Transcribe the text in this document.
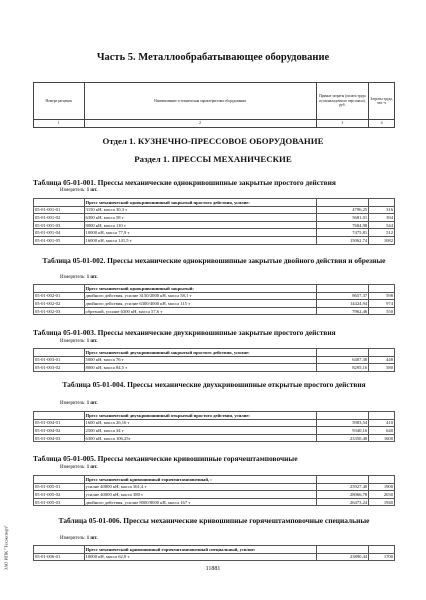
Часть 5. Металлообрабатывающее оборудование
Номера расценок	Наименование и техническая характеристика оборудования	Прямые затраты (оплата труда пусконаладочного персонала), руб.	Затраты труда, чел.-ч
1	2	3	4
Отдел 1. КУЗНЕЧНО-ПРЕССОВОЕ ОБОРУДОВАНИЕ
Раздел 1. ПРЕССЫ МЕХАНИЧЕСКИЕ
Таблица 05-01-001. Прессы механические однокривошипные закрытые простого действия
Измеритель: 1 шт.
	Пресс механический однокривошипный закрытый простого действия, усилие:		
05-01-001-01	3150 кН, масса 30,3 т	4796,25	316
05-01-001-02	6300 кН, масса 58 т	5681,01	394
05-01-001-03	8000 кН, масса 110 т	7684,98	544
05-01-001-04	10000 кН, масса 77,9 т	7475,81	512
05-01-001-05	16000 кН, масса 141,5 т	15062,74	1082
Таблица 05-01-002. Прессы механические однокривошипные закрытые двойного действия и обрезные
Измеритель: 1 шт.
	Пресс механический однокривошипный закрытый:		
05-01-002-01	двойного действия, усилие 3150/2000 кН, масса 58,1 т	8657,37	598
05-01-002-02	двойного действия, усилие 6300/4000 кН, масса 115 т	14424,94	974
05-01-002-03	обрезной, усилие 6300 кН, масса 57,6 т	7962,46	550
Таблица 05-01-003. Прессы механические двухкривошипные закрытые простого действия
Измеритель: 1 шт.
	Пресс механический двухкривошипный закрытый простого действия, усилие:		
05-01-003-01	5000 кН, масса 76 т	6407,30	448
05-01-003-02	8000 кН, масса 84,5 т	8295,16	580
Таблица 05-01-004. Прессы механические двухкривошипные открытые простого действия
Измеритель: 1 шт.
	Пресс механический двухкривошипный открытый простого действия, усилие:		
05-01-004-01	1600 кН, масса 26,16 т	5983,54	410
05-01-004-02	2500 кН, масса 34 т	9340,16	640
05-01-004-03	6300 кН, масса 106,25т	23350,40	1600
Таблица 05-01-005. Прессы механические кривошипные горячештамповочные
Измеритель: 1 шт.
	Пресс механический кривошипный горячештамповочный, :		
05-01-005-01	усилие 40000 кН, масса 361,4 т	25927,40	1900
05-01-005-02	усилие 40000 кН, масса 380 т	28066,78	2030
05-01-005-03	двойного действия, усилие 8000/8000 кН, масса 167 т	26473,24	1940
Таблица 05-01-006. Прессы механические кривошипные горячештамповочные специальные
Измеритель: 1 шт.
	Пресс механический кривошипный горячештамповочный специальный, усилие:		
05-01-006-01	10000 кН, масса 62,8 т	23890,44	1700
11881
ЗАО ИПК "Техэксперт"
